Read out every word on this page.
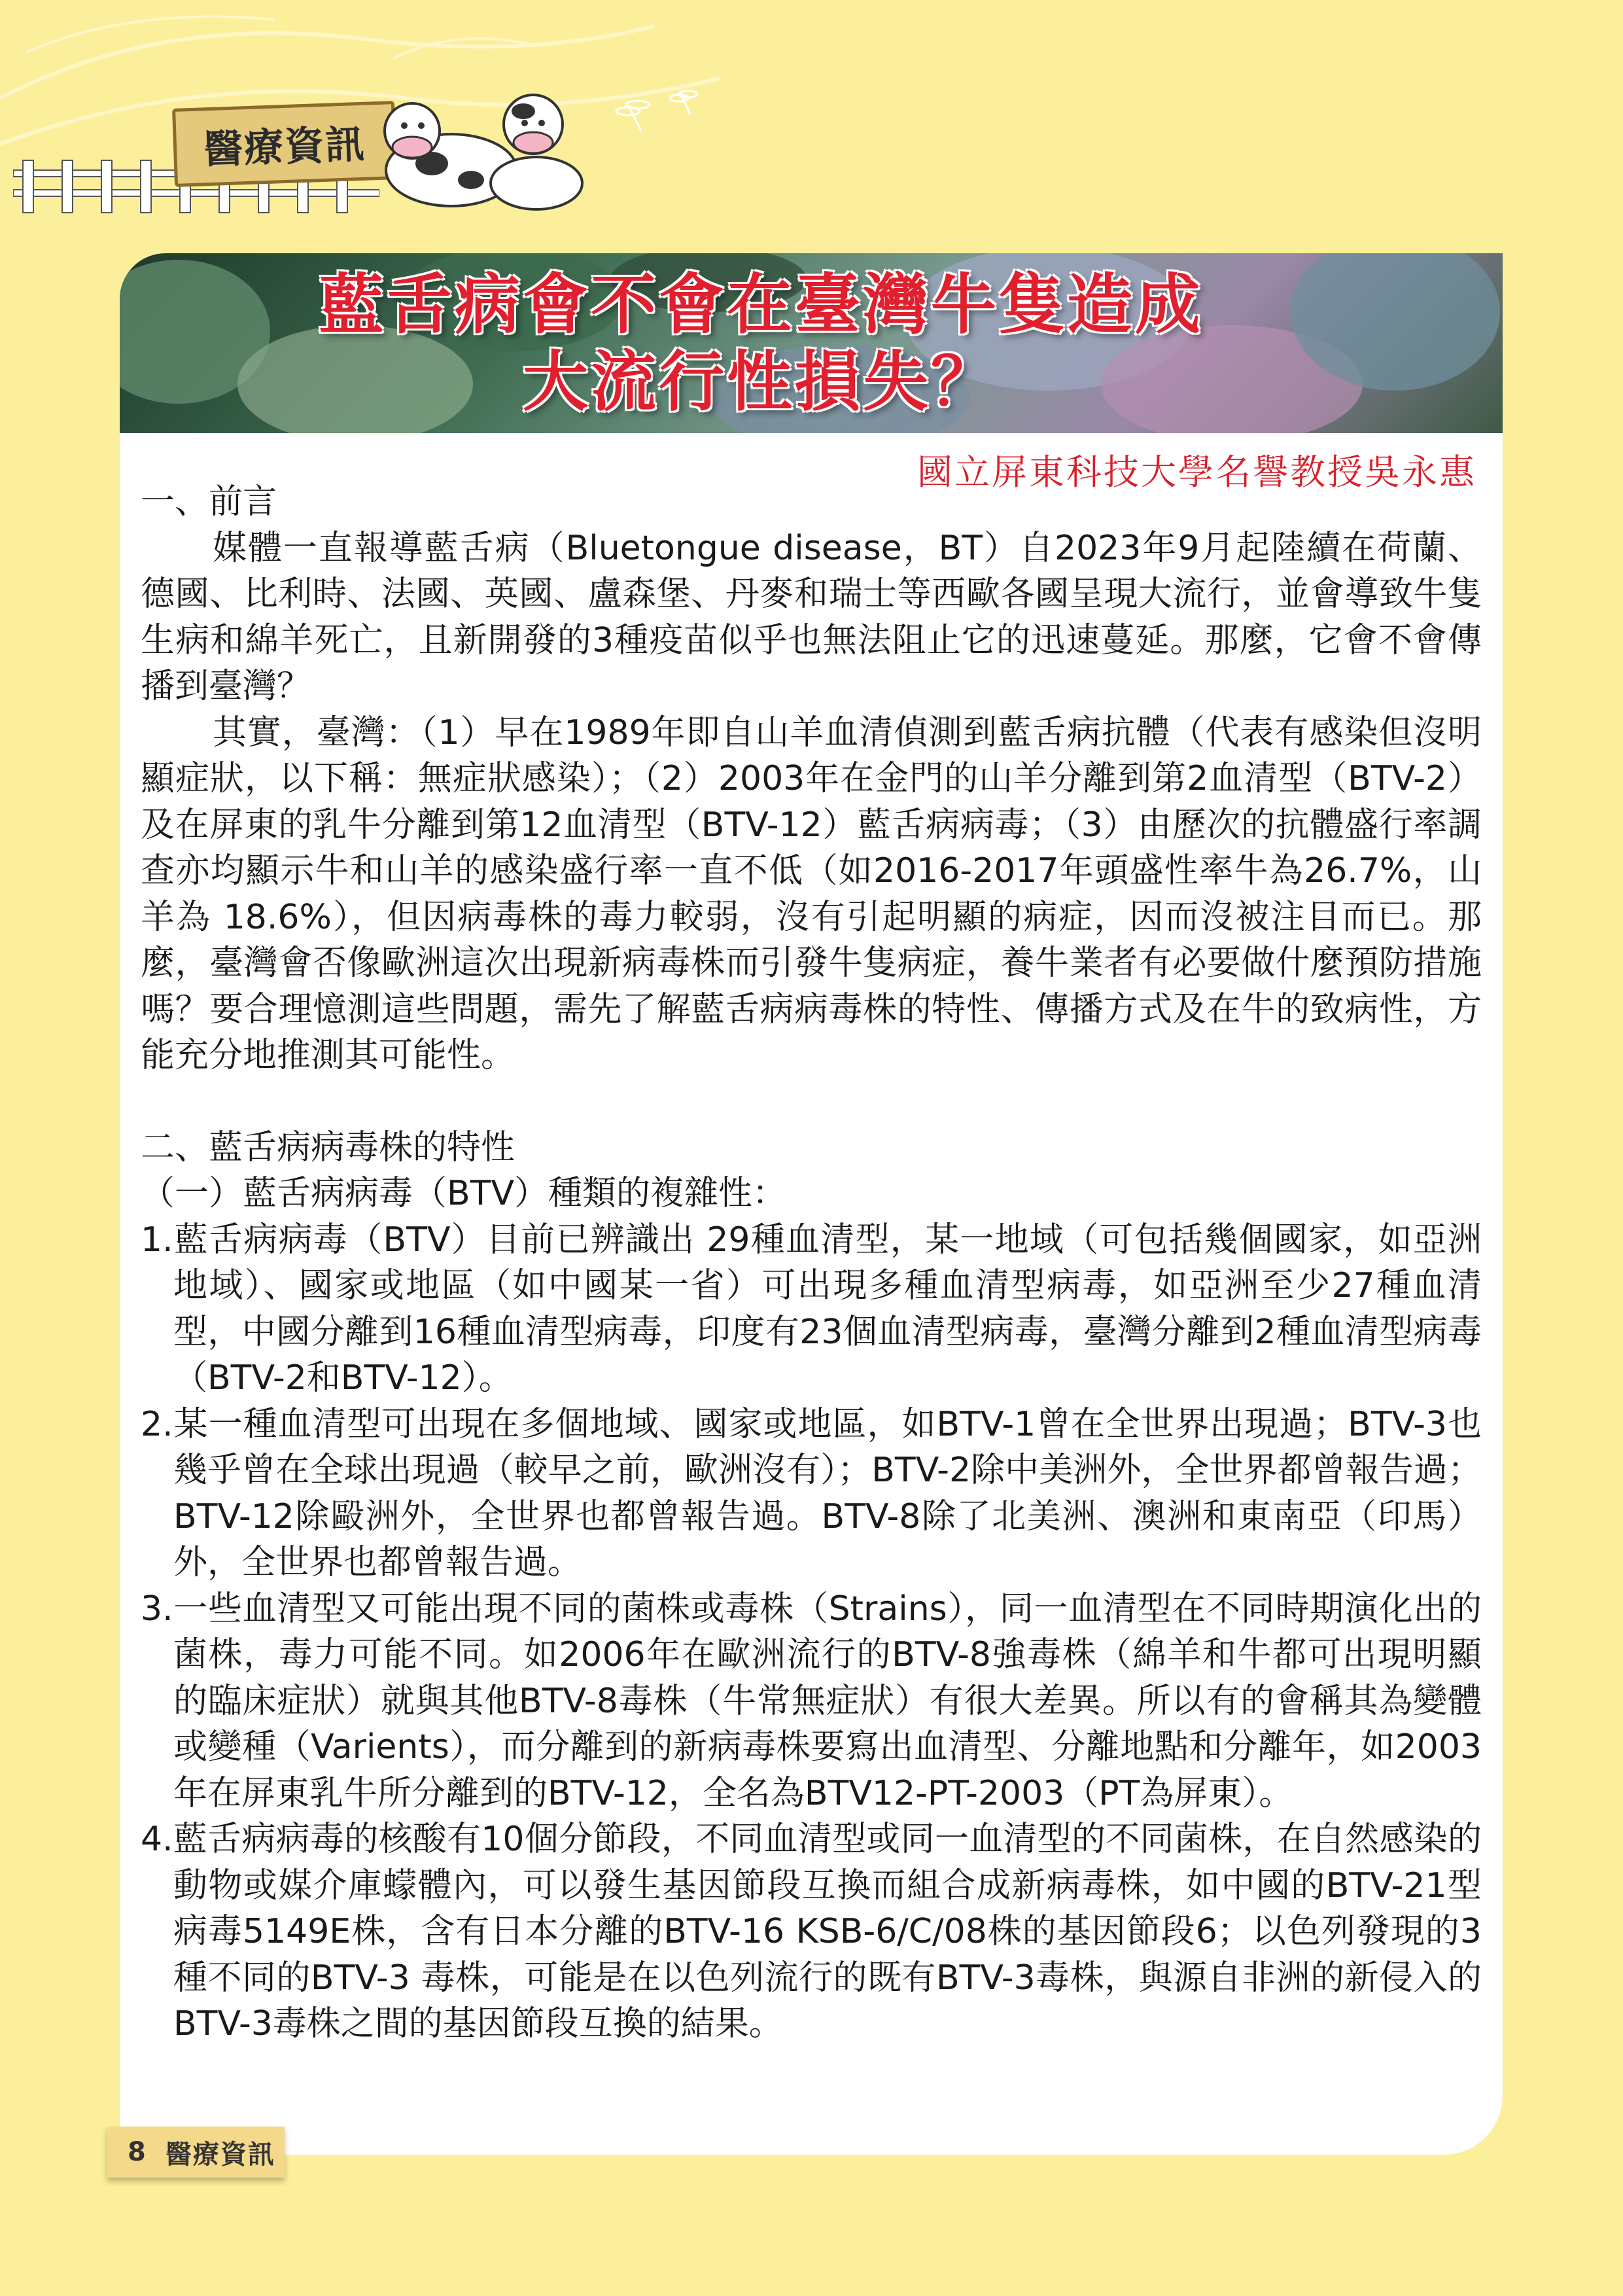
醫療資訊
藍舌病會不會在臺灣牛隻造成
大流行性損失？
國立屏東科技大學名譽教授吳永惠

一、前言

媒體一直報導藍舌病（Bluetongue disease，BT）自2023年9月起陸續在荷蘭、德國、比利時、法國、英國、盧森堡、丹麥和瑞士等西歐各國呈現大流行，並會導致牛隻生病和綿羊死亡，且新開發的3種疫苗似乎也無法阻止它的迅速蔓延。那麼，它會不會傳播到臺灣？

其實，臺灣：（1）早在1989年即自山羊血清偵測到藍舌病抗體（代表有感染但沒明顯症狀，以下稱：無症狀感染）；（2）2003年在金門的山羊分離到第2血清型（BTV-2）及在屏東的乳牛分離到第12血清型（BTV-12）藍舌病病毒；（3）由歷次的抗體盛行率調查亦均顯示牛和山羊的感染盛行率一直不低（如2016-2017年頭盛性率牛為26.7%，山羊為 18.6%），但因病毒株的毒力較弱，沒有引起明顯的病症，因而沒被注目而已。那麼，臺灣會否像歐洲這次出現新病毒株而引發牛隻病症，養牛業者有必要做什麼預防措施嗎？要合理憶測這些問題，需先了解藍舌病病毒株的特性、傳播方式及在牛的致病性，方能充分地推測其可能性。

二、藍舌病病毒株的特性

（一）藍舌病病毒（BTV）種類的複雜性：

1.藍舌病病毒（BTV）目前已辨識出 29種血清型，某一地域（可包括幾個國家，如亞洲地域）、國家或地區（如中國某一省）可出現多種血清型病毒，如亞洲至少27種血清型，中國分離到16種血清型病毒，印度有23個血清型病毒，臺灣分離到2種血清型病毒（BTV-2和BTV-12）。

2.某一種血清型可出現在多個地域、國家或地區，如BTV-1曾在全世界出現過；BTV-3也幾乎曾在全球出現過（較早之前，歐洲沒有）；BTV-2除中美洲外，全世界都曾報告過；BTV-12除毆洲外，全世界也都曾報告過。BTV-8除了北美洲、澳洲和東南亞（印馬）外，全世界也都曾報告過。

3.一些血清型又可能出現不同的菌株或毒株（Strains），同一血清型在不同時期演化出的菌株，毒力可能不同。如2006年在歐洲流行的BTV-8強毒株（綿羊和牛都可出現明顯的臨床症狀）就與其他BTV-8毒株（牛常無症狀）有很大差異。所以有的會稱其為變體或變種（Varients），而分離到的新病毒株要寫出血清型、分離地點和分離年，如2003年在屏東乳牛所分離到的BTV-12，全名為BTV12-PT-2003（PT為屏東）。

4.藍舌病病毒的核酸有10個分節段，不同血清型或同一血清型的不同菌株，在自然感染的動物或媒介庫蠓體內，可以發生基因節段互換而組合成新病毒株，如中國的BTV-21型病毒5149E株，含有日本分離的BTV-16 KSB-6/C/08株的基因節段6；以色列發現的3種不同的BTV-3 毒株，可能是在以色列流行的既有BTV-3毒株，與源自非洲的新侵入的BTV-3毒株之間的基因節段互換的結果。

8 醫療資訊
